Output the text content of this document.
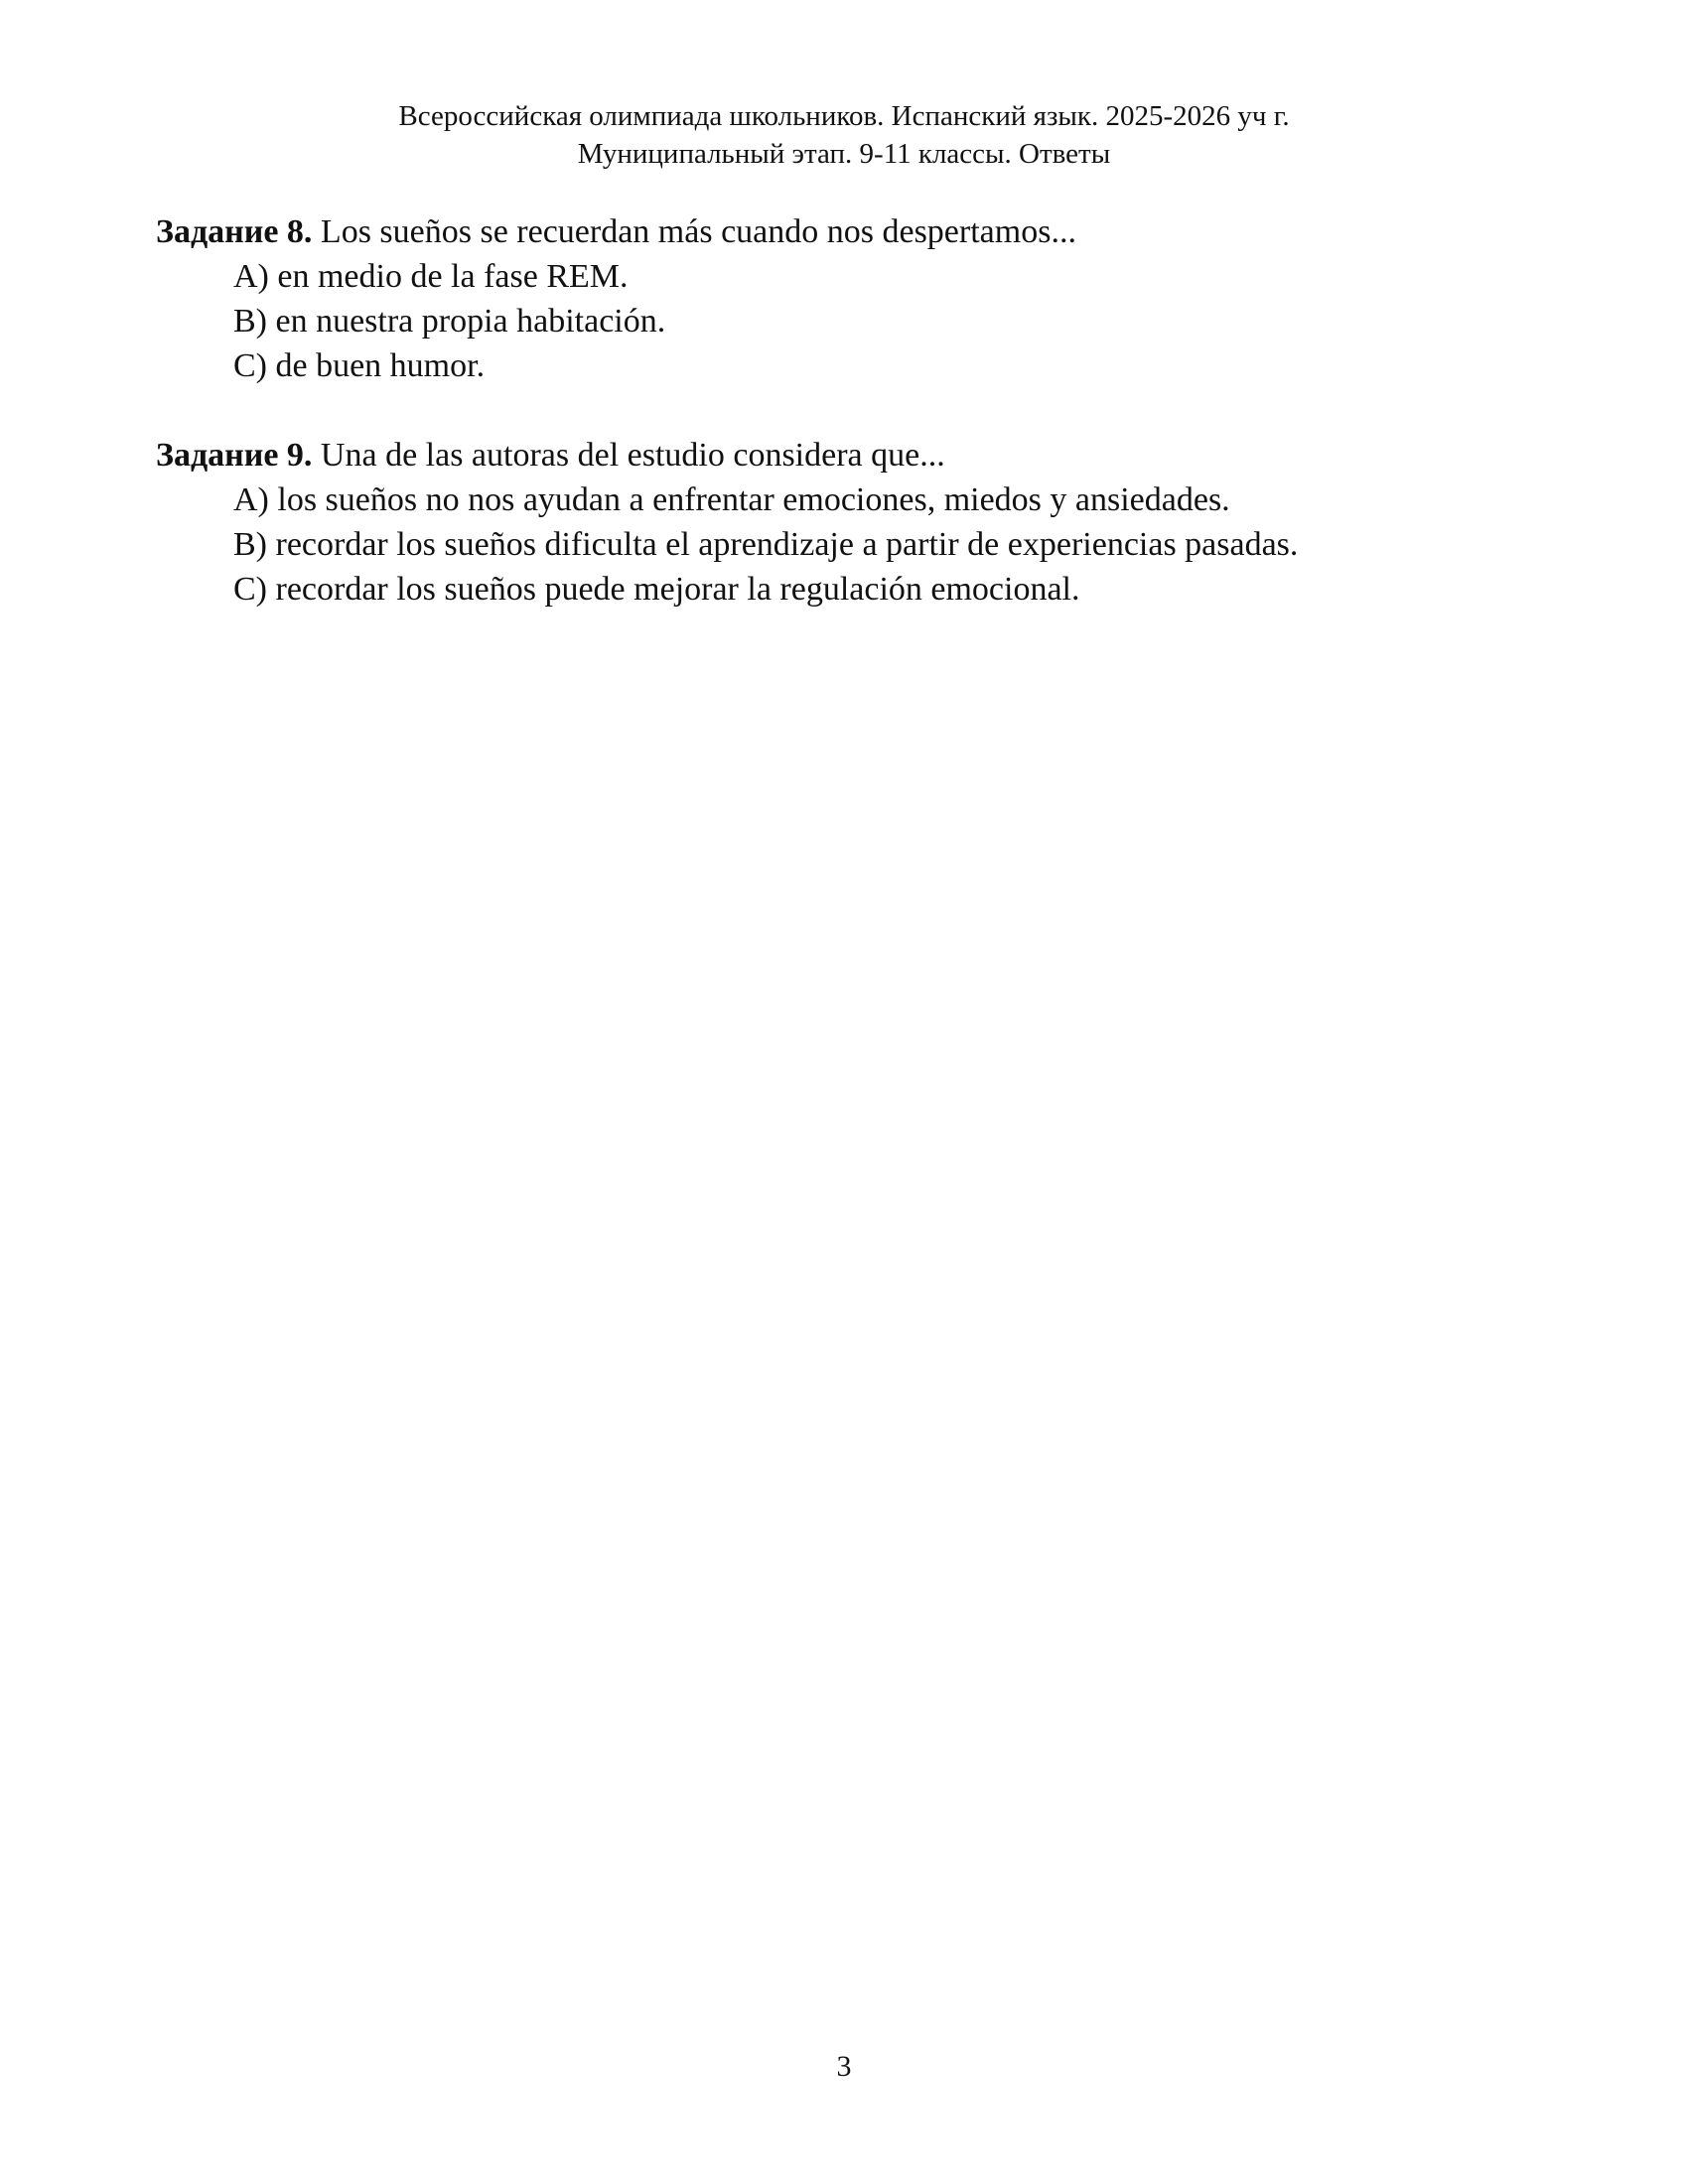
Всероссийская олимпиада школьников. Испанский язык. 2025-2026 уч г.
Муниципальный этап. 9-11 классы. Ответы
Задание 8. Los sueños se recuerdan más cuando nos despertamos...
A) en medio de la fase REM.
B) en nuestra propia habitación.
C) de buen humor.
Задание 9. Una de las autoras del estudio considera que...
A) los sueños no nos ayudan a enfrentar emociones, miedos y ansiedades.
B) recordar los sueños dificulta el aprendizaje a partir de experiencias pasadas.
C) recordar los sueños puede mejorar la regulación emocional.
3
